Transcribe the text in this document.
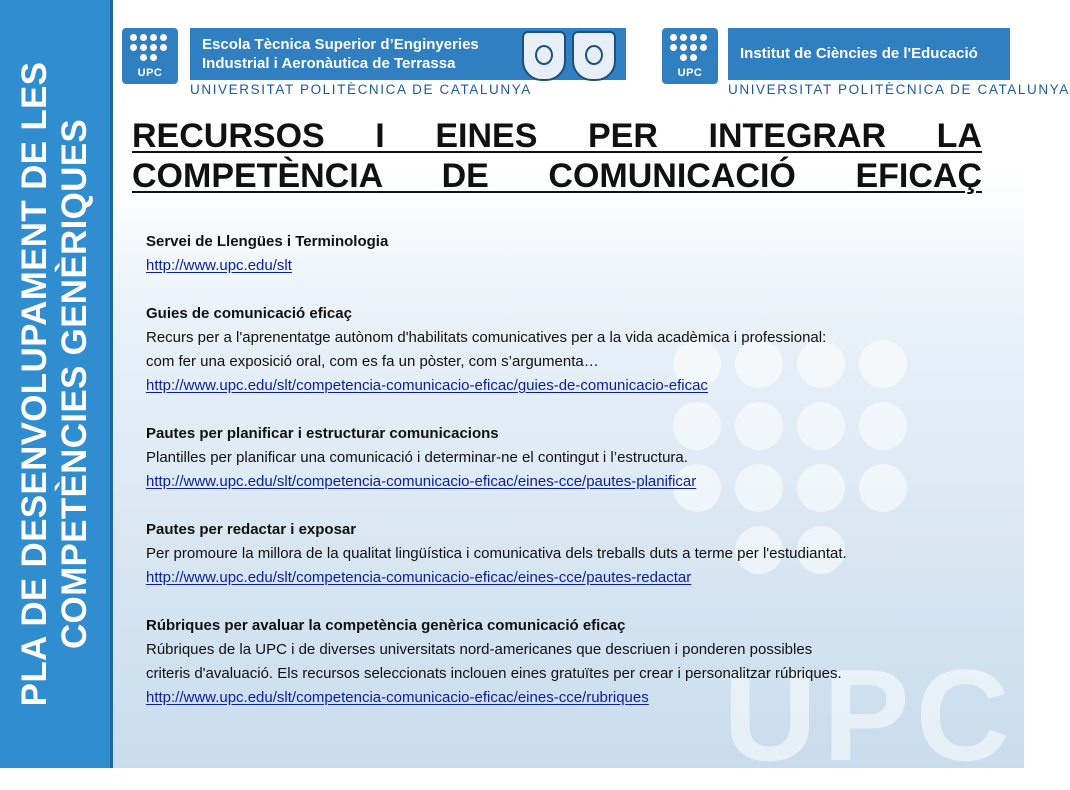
PLA DE DESENVOLUPAMENT DE LES COMPETÈNCIES GENÈRIQUES
UPC
UPC
Escola Tècnica Superior d’Enginyeries
Industrial i Aeronàutica de Terrassa
UNIVERSITAT POLITÈCNICA DE CATALUNYA
UPC
Institut de Ciències de l'Educació
UNIVERSITAT POLITÈCNICA DE CATALUNYA
RECURSOS I EINES PER INTEGRAR LA
COMPETÈNCIA DE COMUNICACIÓ EFICAÇ

Servei de Llengües i Terminologia

http://www.upc.edu/slt

Guies de comunicació eficaç

Recurs per a l'aprenentatge autònom d'habilitats comunicatives per a la vida acadèmica i professional:

com fer una exposició oral, com es fa un pòster, com s’argumenta…

http://www.upc.edu/slt/competencia-comunicacio-eficac/guies-de-comunicacio-eficac

Pautes per planificar i estructurar comunicacions

Plantilles per planificar una comunicació i determinar-ne el contingut i l’estructura.

http://www.upc.edu/slt/competencia-comunicacio-eficac/eines-cce/pautes-planificar

Pautes per redactar i exposar

Per promoure la millora de la qualitat lingüística i comunicativa dels treballs duts a terme per l'estudiantat.

http://www.upc.edu/slt/competencia-comunicacio-eficac/eines-cce/pautes-redactar

Rúbriques per avaluar la competència genèrica comunicació eficaç

Rúbriques de la UPC i de diverses universitats nord-americanes que descriuen i ponderen possibles

criteris d'avaluació. Els recursos seleccionats inclouen eines gratuïtes per crear i personalitzar rúbriques.

http://www.upc.edu/slt/competencia-comunicacio-eficac/eines-cce/rubriques
